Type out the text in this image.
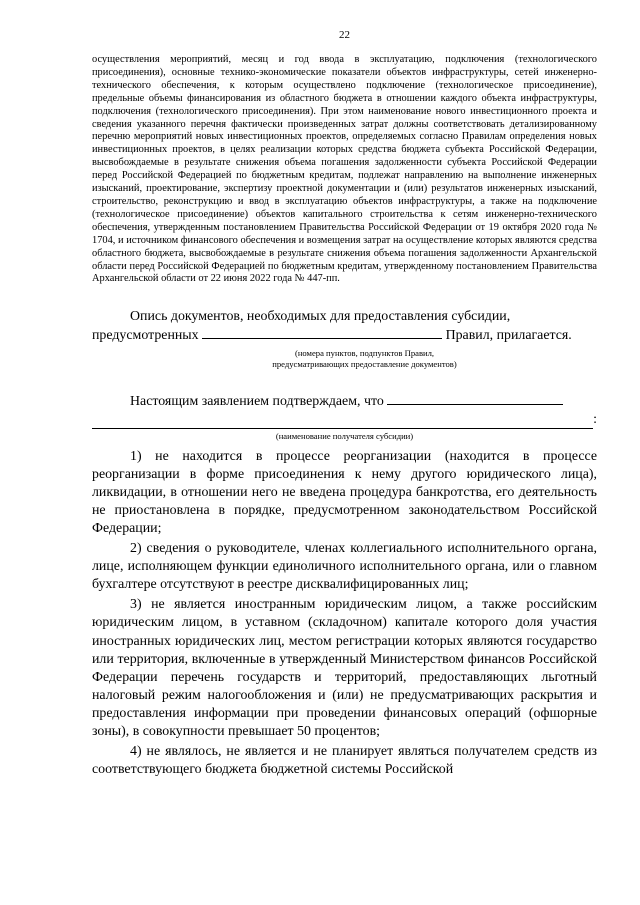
22

осуществления мероприятий, месяц и год ввода в эксплуатацию, подключения (технологического присоединения), основные технико-экономические показатели объектов инфраструктуры, сетей инженерно-технического обеспечения, к которым осуществлено подключение (технологическое присоединение), предельные объемы финансирования из областного бюджета в отношении каждого объекта инфраструктуры, подключения (технологического присоединения). При этом наименование нового инвестиционного проекта и сведения указанного перечня фактически произведенных затрат должны соответствовать детализированному перечню мероприятий новых инвестиционных проектов, определяемых согласно Правилам определения новых инвестиционных проектов, в целях реализации которых средства бюджета субъекта Российской Федерации, высвобождаемые в результате снижения объема погашения задолженности субъекта Российской Федерации перед Российской Федерацией по бюджетным кредитам, подлежат направлению на выполнение инженерных изысканий, проектирование, экспертизу проектной документации и (или) результатов инженерных изысканий, строительство, реконструкцию и ввод в эксплуатацию объектов инфраструктуры, а также на подключение (технологическое присоединение) объектов капитального строительства к сетям инженерно-технического обеспечения, утвержденным постановлением Правительства Российской Федерации от 19 октября 2020 года № 1704, и источником финансового обеспечения и возмещения затрат на осуществление которых являются средства областного бюджета, высвобождаемые в результате снижения объема погашения задолженности Архангельской области перед Российской Федерацией по бюджетным кредитам, утвержденному постановлением Правительства Архангельской области от 22 июня 2022 года № 447-пп.

Опись документов, необходимых для предоставления субсидии,

предусмотренных	Правил, прилагается.

(номера пунктов, подпунктов Правил,
предусматривающих предоставление документов)

Настоящим заявлением подтверждаем, что

:

(наименование получателя субсидии)

1) не находится в процессе реорганизации (находится в процессе реорганизации в форме присоединения к нему другого юридического лица), ликвидации, в отношении него не введена процедура банкротства, его деятельность не приостановлена в порядке, предусмотренном законодательством Российской Федерации;

2) сведения о руководителе, членах коллегиального исполнительного органа, лице, исполняющем функции единоличного исполнительного органа, или о главном бухгалтере отсутствуют в реестре дисквалифицированных лиц;

3) не является иностранным юридическим лицом, а также российским юридическим лицом, в уставном (складочном) капитале которого доля участия иностранных юридических лиц, местом регистрации которых являются государство или территория, включенные в утвержденный Министерством финансов Российской Федерации перечень государств и территорий, предоставляющих льготный налоговый режим налогообложения и (или) не предусматривающих раскрытия и предоставления информации при проведении финансовых операций (офшорные зоны), в совокупности превышает 50 процентов;

4) не являлось, не является и не планирует являться получателем средств из соответствующего бюджета бюджетной системы Российской
